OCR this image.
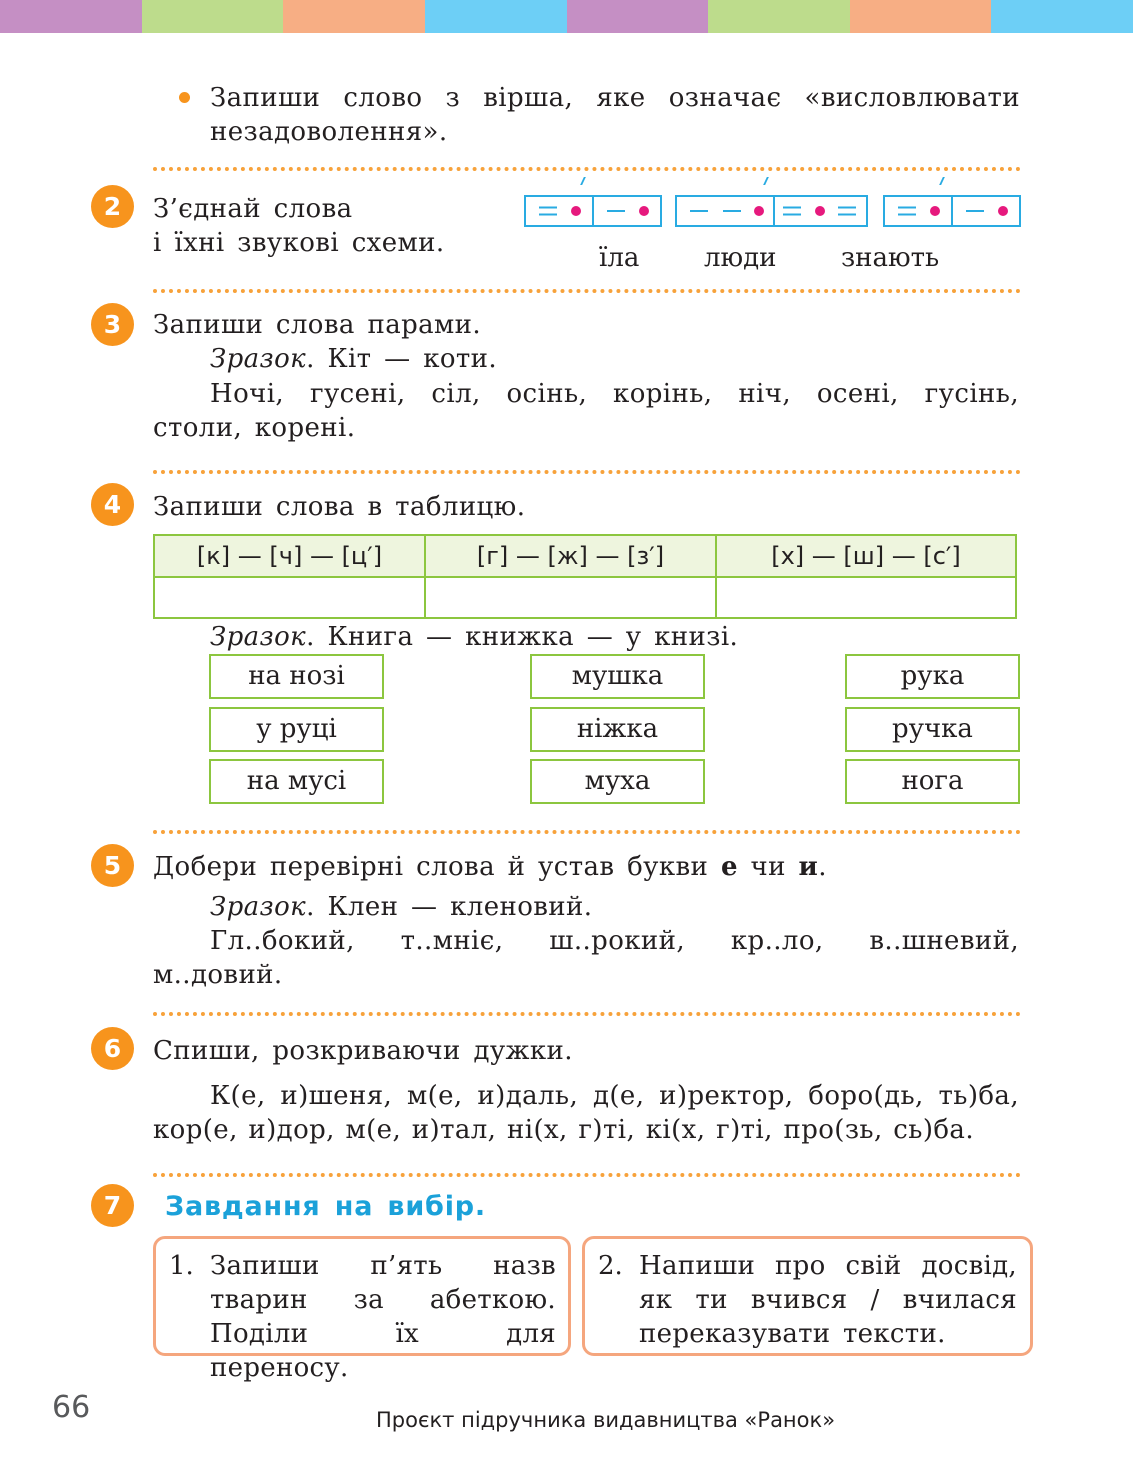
Запиши слово з вірша, яке означає «висловлювати незадоволення».
2	З’єднай слова
і їхні звукові схеми.	їла люди знають
3	Запиши слова парами.
Зразок. Кіт — коти.
Ночі, гусені, сіл, осінь, корінь, ніч, осені, гусінь, столи, корені.
4	Запиши слова в таблицю.
[к] — [ч] — [ц′]	[г] — [ж] — [з′]	[х] — [ш] — [с′]
Зразок. Книга — книжка — у книзі.
на нозі	мушка	рука
у руці	ніжка	ручка
на мусі	муха	нога
5	Добери перевірні слова й устав букви е чи и.
Зразок. Клен — кленовий.
Гл..бокий, т..мніє, ш..рокий, кр..ло, в..шневий, м..довий.
6	Спиши, розкриваючи дужки.
К(е, и)шеня, м(е, и)даль, д(е, и)ректор, боро(дь, ть)ба, кор(е, и)дор, м(е, и)тал, ні(х, г)ті, кі(х, г)ті, про(зь, сь)ба.
7	Завдання на вибір.
1. Запиши п’ять назв тварин за абеткою. Поділи їх для переносу.
2. Напиши про свій досвід, як ти вчився / вчилася переказувати тексти.
66	Проєкт підручника видавництва «Ранок»
